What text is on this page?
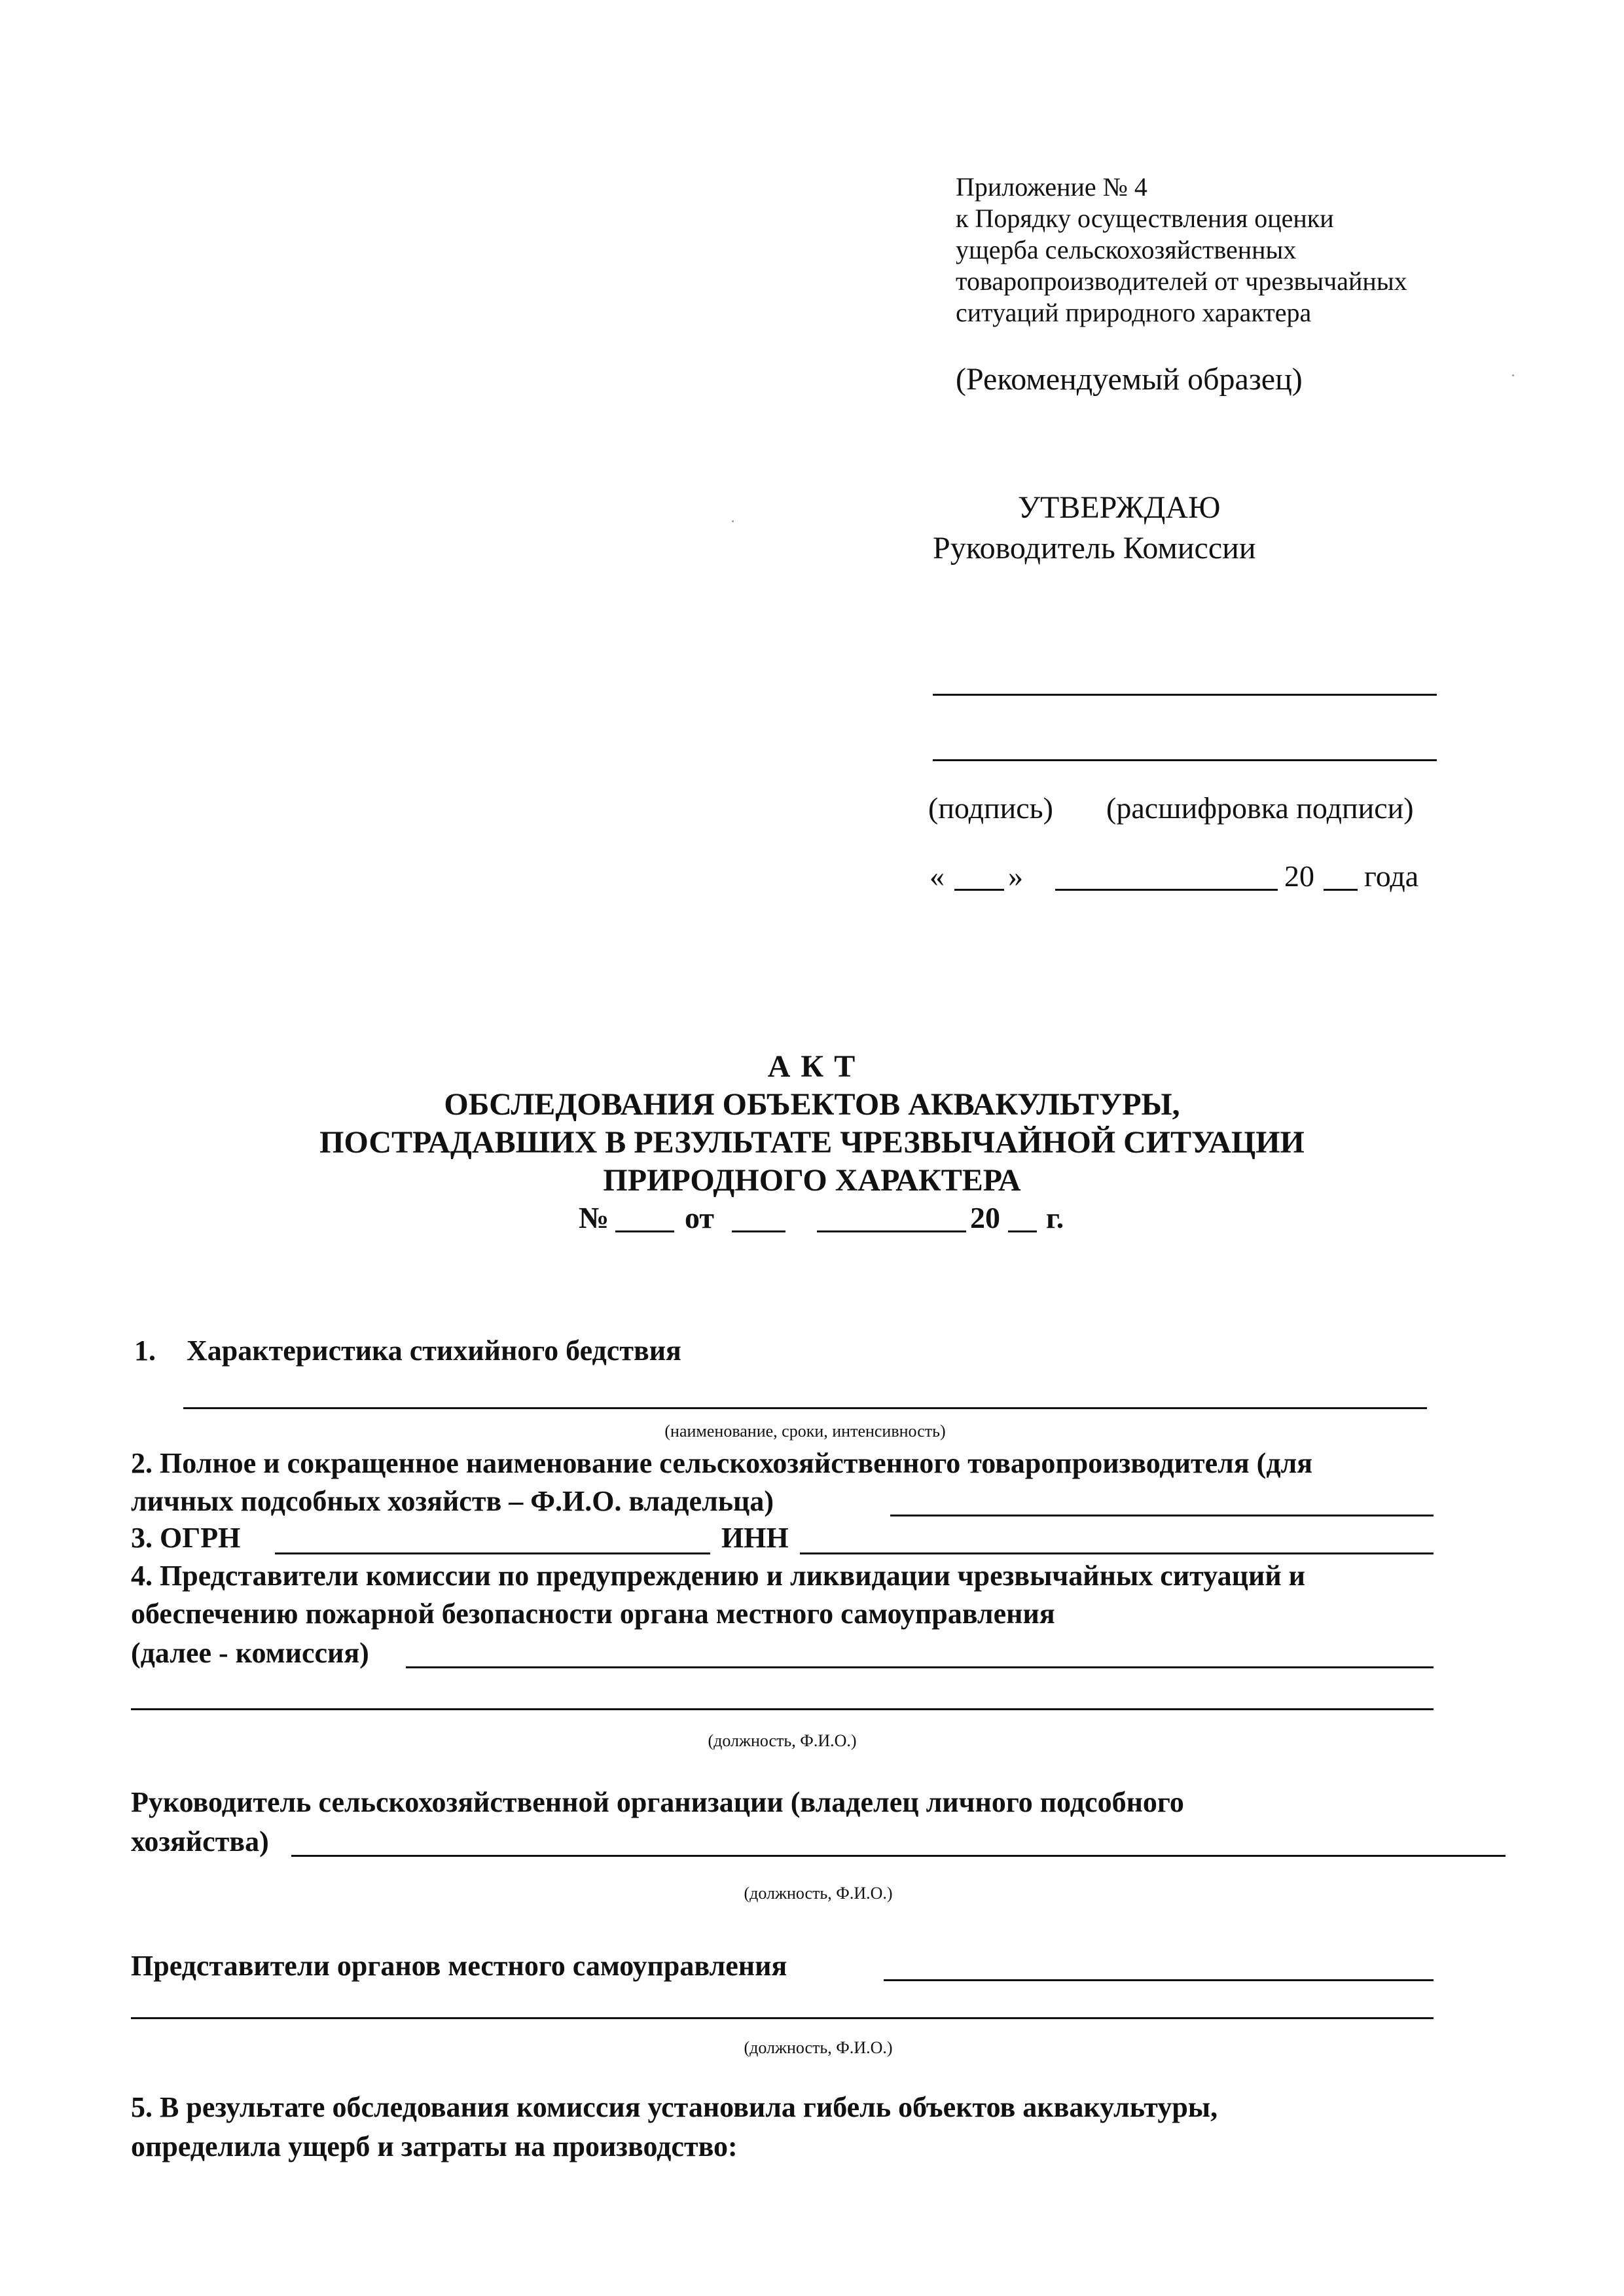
Приложение № 4
к Порядку осуществления оценки
ущерба сельскохозяйственных
товаропроизводителей от чрезвычайных
ситуаций природного характера
(Рекомендуемый образец)
УТВЕРЖДАЮ
Руководитель Комиссии
(подпись) (расшифровка подписи)
« »	20 года
А К Т
ОБСЛЕДОВАНИЯ ОБЪЕКТОВ АКВАКУЛЬТУРЫ,
ПОСТРАДАВШИХ В РЕЗУЛЬТАТЕ ЧРЕЗВЫЧАЙНОЙ СИТУАЦИИ
ПРИРОДНОГО ХАРАКТЕРА
№	от	20 г.
1. Характеристика стихийного бедствия
(наименование, сроки, интенсивность)
2. Полное и сокращенное наименование сельскохозяйственного товаропроизводителя (для
личных подсобных хозяйств – Ф.И.О. владельца)
3. ОГРН	ИНН
4. Представители комиссии по предупреждению и ликвидации чрезвычайных ситуаций и
обеспечению пожарной безопасности органа местного самоуправления
(далее - комиссия)
(должность, Ф.И.О.)
Руководитель сельскохозяйственной организации (владелец личного подсобного
хозяйства)
(должность, Ф.И.О.)
Представители органов местного самоуправления
(должность, Ф.И.О.)
5. В результате обследования комиссия установила гибель объектов аквакультуры,
определила ущерб и затраты на производство:
